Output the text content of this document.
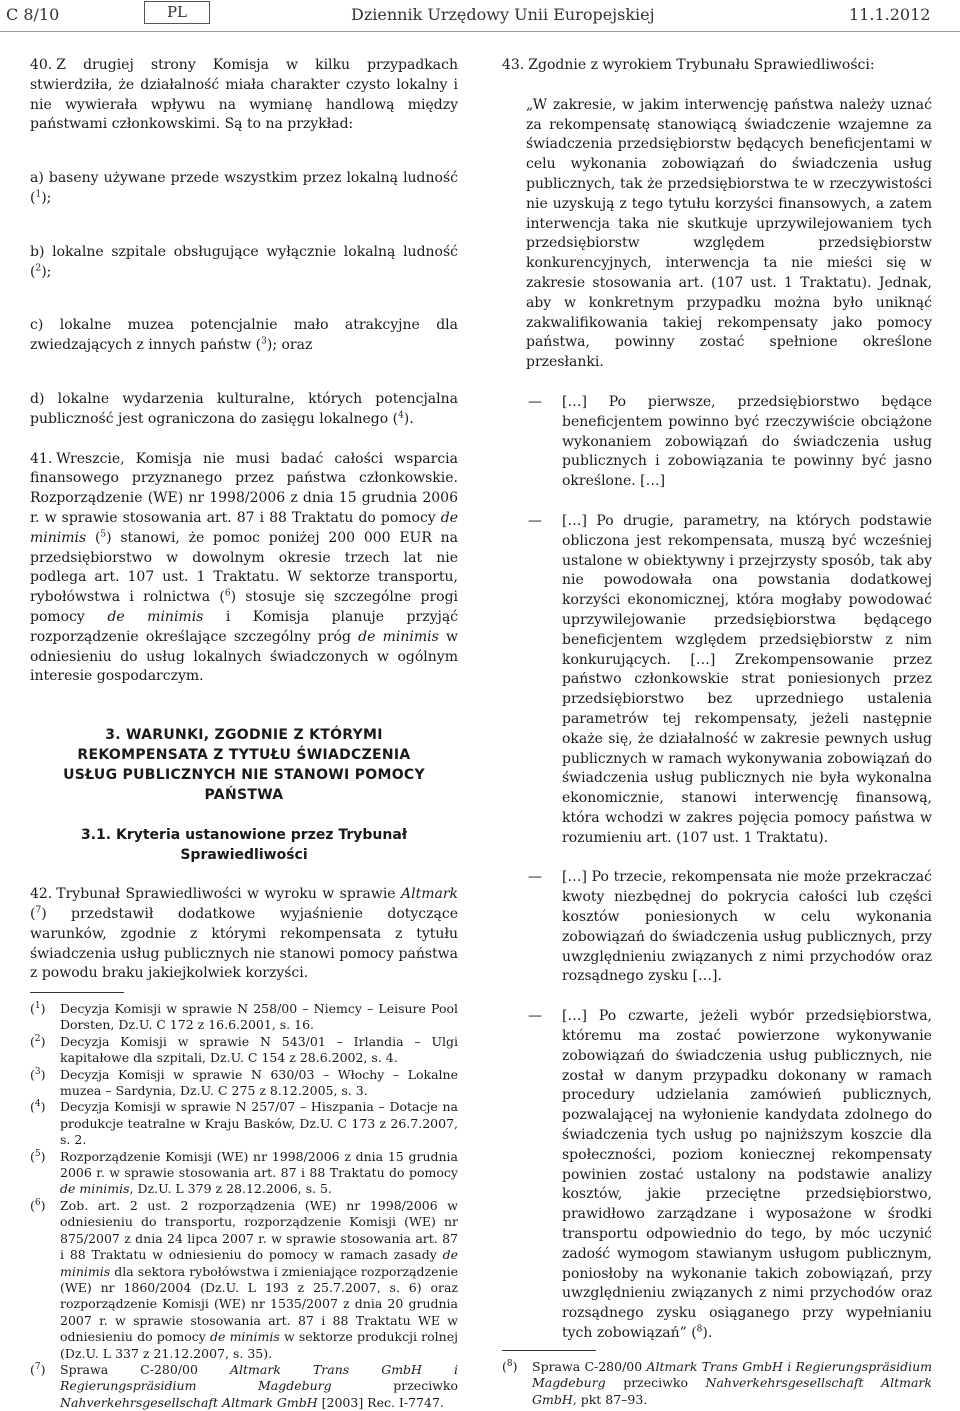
C 8/10	PL	Dziennik Urzędowy Unii Europejskiej	11.1.2012

40. Z drugiej strony Komisja w kilku przypadkach stwierdziła, że działalność miała charakter czysto lokalny i nie wywierała wpływu na wymianę handlową między państwami członkowskimi. Są to na przykład:

a) baseny używane przede wszystkim przez lokalną ludność ($^1$);

b) lokalne szpitale obsługujące wyłącznie lokalną ludność ($^2$);

c) lokalne muzea potencjalnie mało atrakcyjne dla zwiedzających z innych państw ($^3$); oraz

d) lokalne wydarzenia kulturalne, których potencjalna publiczność jest ograniczona do zasięgu lokalnego ($^4$).

41. Wreszcie, Komisja nie musi badać całości wsparcia finansowego przyznanego przez państwa członkowskie. Rozporządzenie (WE) nr 1998/2006 z dnia 15 grudnia 2006 r. w sprawie stosowania art. 87 i 88 Traktatu do pomocy de minimis ($^5$) stanowi, że pomoc poniżej 200 000 EUR na przedsiębiorstwo w dowolnym okresie trzech lat nie podlega art. 107 ust. 1 Traktatu. W sektorze transportu, rybołówstwa i rolnictwa ($^6$) stosuje się szczególne progi pomocy de minimis i Komisja planuje przyjąć rozporządzenie określające szczególny próg de minimis w odniesieniu do usług lokalnych świadczonych w ogólnym interesie gospodarczym.

3. WARUNKI, ZGODNIE Z KTÓRYMI REKOMPENSATA Z TYTUŁU ŚWIADCZENIA USŁUG PUBLICZNYCH NIE STANOWI POMOCY PAŃSTWA

3.1. Kryteria ustanowione przez Trybunał Sprawiedliwości

42. Trybunał Sprawiedliwości w wyroku w sprawie Altmark ($^7$) przedstawił dodatkowe wyjaśnienie dotyczące warunków, zgodnie z którymi rekompensata z tytułu świadczenia usług publicznych nie stanowi pomocy państwa z powodu braku jakiejkolwiek korzyści.

($^1$) Decyzja Komisji w sprawie N 258/00 – Niemcy – Leisure Pool Dorsten, Dz.U. C 172 z 16.6.2001, s. 16.
($^2$) Decyzja Komisji w sprawie N 543/01 – Irlandia – Ulgi kapitałowe dla szpitali, Dz.U. C 154 z 28.6.2002, s. 4.
($^3$) Decyzja Komisji w sprawie N 630/03 – Włochy – Lokalne muzea – Sardynia, Dz.U. C 275 z 8.12.2005, s. 3.
($^4$) Decyzja Komisji w sprawie N 257/07 – Hiszpania – Dotacje na produkcje teatralne w Kraju Basków, Dz.U. C 173 z 26.7.2007, s. 2.
($^5$) Rozporządzenie Komisji (WE) nr 1998/2006 z dnia 15 grudnia 2006 r. w sprawie stosowania art. 87 i 88 Traktatu do pomocy de minimis, Dz.U. L 379 z 28.12.2006, s. 5.
($^6$) Zob. art. 2 ust. 2 rozporządzenia (WE) nr 1998/2006 w odniesieniu do transportu, rozporządzenie Komisji (WE) nr 875/2007 z dnia 24 lipca 2007 r. w sprawie stosowania art. 87 i 88 Traktatu w odniesieniu do pomocy w ramach zasady de minimis dla sektora rybołówstwa i zmieniające rozporządzenie (WE) nr 1860/2004 (Dz.U. L 193 z 25.7.2007, s. 6) oraz rozporządzenie Komisji (WE) nr 1535/2007 z dnia 20 grudnia 2007 r. w sprawie stosowania art. 87 i 88 Traktatu WE w odniesieniu do pomocy de minimis w sektorze produkcji rolnej (Dz.U. L 337 z 21.12.2007, s. 35).
($^7$) Sprawa C-280/00 Altmark Trans GmbH i Regierungspräsidium Magdeburg przeciwko Nahverkehrsgesellschaft Altmark GmbH [2003] Rec. I-7747.

43. Zgodnie z wyrokiem Trybunału Sprawiedliwości:

„W zakresie, w jakim interwencję państwa należy uznać za rekompensatę stanowiącą świadczenie wzajemne za świadczenia przedsiębiorstw będących beneficjentami w celu wykonania zobowiązań do świadczenia usług publicznych, tak że przedsiębiorstwa te w rzeczywistości nie uzyskują z tego tytułu korzyści finansowych, a zatem interwencja taka nie skutkuje uprzywilejowaniem tych przedsiębiorstw względem przedsiębiorstw konkurencyjnych, interwencja ta nie mieści się w zakresie stosowania art. (107 ust. 1 Traktatu). Jednak, aby w konkretnym przypadku można było uniknąć zakwalifikowania takiej rekompensaty jako pomocy państwa, powinny zostać spełnione określone przesłanki.

— […] Po pierwsze, przedsiębiorstwo będące beneficjentem powinno być rzeczywiście obciążone wykonaniem zobowiązań do świadczenia usług publicznych i zobowiązania te powinny być jasno określone. […]

— […] Po drugie, parametry, na których podstawie obliczona jest rekompensata, muszą być wcześniej ustalone w obiektywny i przejrzysty sposób, tak aby nie powodowała ona powstania dodatkowej korzyści ekonomicznej, która mogłaby powodować uprzywilejowanie przedsiębiorstwa będącego beneficjentem względem przedsiębiorstw z nim konkurujących. […] Zrekompensowanie przez państwo członkowskie strat poniesionych przez przedsiębiorstwo bez uprzedniego ustalenia parametrów tej rekompensaty, jeżeli następnie okaże się, że działalność w zakresie pewnych usług publicznych w ramach wykonywania zobowiązań do świadczenia usług publicznych nie była wykonalna ekonomicznie, stanowi interwencję finansową, która wchodzi w zakres pojęcia pomocy państwa w rozumieniu art. (107 ust. 1 Traktatu).

— […] Po trzecie, rekompensata nie może przekraczać kwoty niezbędnej do pokrycia całości lub części kosztów poniesionych w celu wykonania zobowiązań do świadczenia usług publicznych, przy uwzględnieniu związanych z nimi przychodów oraz rozsądnego zysku […].

— […] Po czwarte, jeżeli wybór przedsiębiorstwa, któremu ma zostać powierzone wykonywanie zobowiązań do świadczenia usług publicznych, nie został w danym przypadku dokonany w ramach procedury udzielania zamówień publicznych, pozwalającej na wyłonienie kandydata zdolnego do świadczenia tych usług po najniższym koszcie dla społeczności, poziom koniecznej rekompensaty powinien zostać ustalony na podstawie analizy kosztów, jakie przeciętne przedsiębiorstwo, prawidłowo zarządzane i wyposażone w środki transportu odpowiednio do tego, by móc uczynić zadość wymogom stawianym usługom publicznym, poniosłoby na wykonanie takich zobowiązań, przy uwzględnieniu związanych z nimi przychodów oraz rozsądnego zysku osiąganego przy wypełnianiu tych zobowiązań” ($^8$).

($^8$) Sprawa C-280/00 Altmark Trans GmbH i Regierungspräsidium Magdeburg przeciwko Nahverkehrsgesellschaft Altmark GmbH, pkt 87–93.
